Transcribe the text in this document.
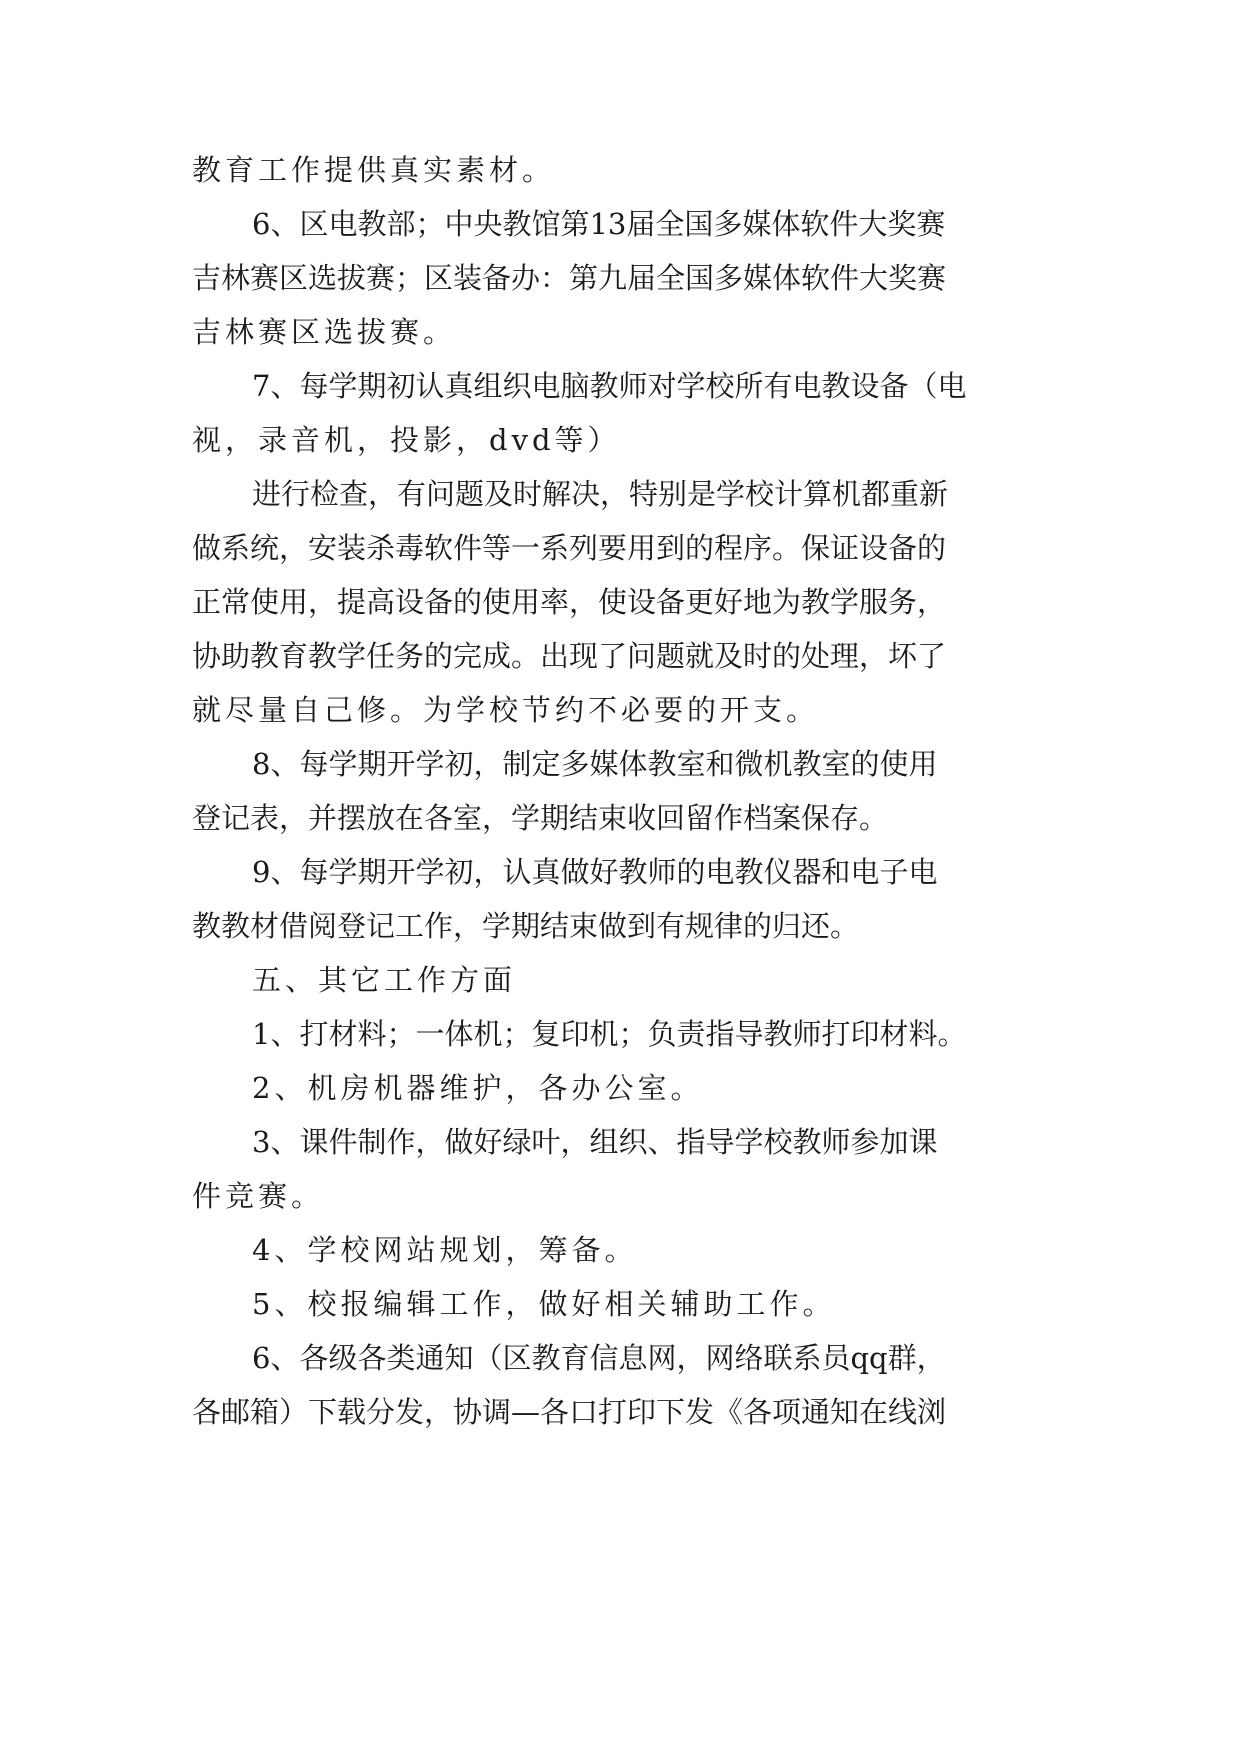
教育工作提供真实素材。

6、区电教部；中央教馆第13届全国多媒体软件大奖赛

吉林赛区选拔赛；区装备办：第九届全国多媒体软件大奖赛

吉林赛区选拔赛。

7、每学期初认真组织电脑教师对学校所有电教设备（电

视，录音机，投影，dvd等）

进行检查，有问题及时解决，特别是学校计算机都重新

做系统，安装杀毒软件等一系列要用到的程序。保证设备的

正常使用，提高设备的使用率，使设备更好地为教学服务，

协助教育教学任务的完成。出现了问题就及时的处理，坏了

就尽量自己修。为学校节约不必要的开支。

8、每学期开学初，制定多媒体教室和微机教室的使用

登记表，并摆放在各室，学期结束收回留作档案保存。

9、每学期开学初，认真做好教师的电教仪器和电子电

教教材借阅登记工作，学期结束做到有规律的归还。

五、其它工作方面

1、打材料；一体机；复印机；负责指导教师打印材料。

2、机房机器维护，各办公室。

3、课件制作，做好绿叶，组织、指导学校教师参加课

件竞赛。

4、学校网站规划，筹备。

5、校报编辑工作，做好相关辅助工作。

6、各级各类通知（区教育信息网，网络联系员qq群，

各邮箱）下载分发，协调—各口打印下发《各项通知在线浏
